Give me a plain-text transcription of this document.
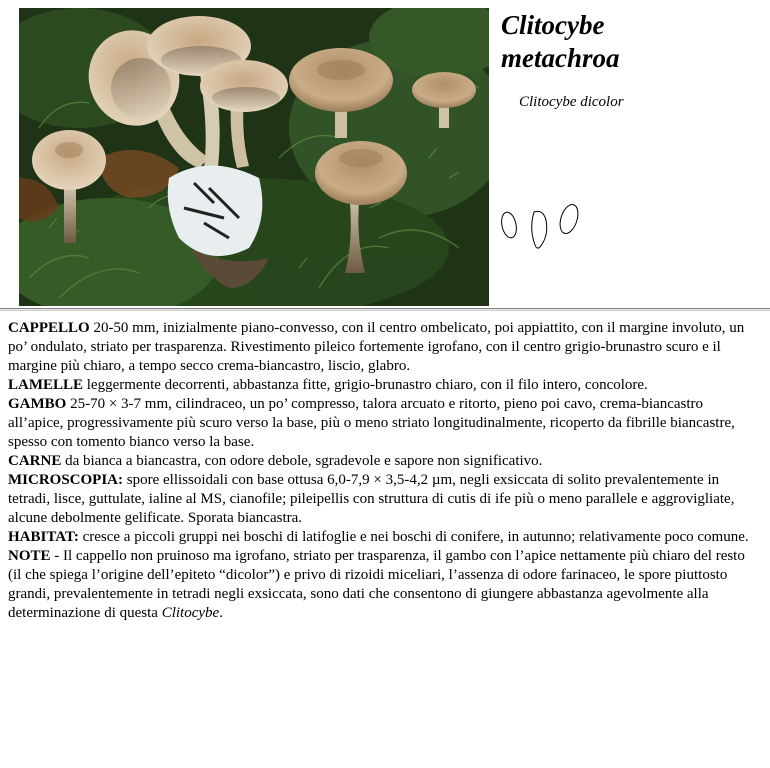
Clitocybe
metachroa
Clitocybe dicolor

CAPPELLO 20-50 mm, inizialmente piano-convesso, con il centro ombelicato, poi appiattito, con il margine involuto, un po’ ondulato, striato per trasparenza. Rivestimento pileico fortemente igrofano, con il centro grigio-brunastro scuro e il margine più chiaro, a tempo secco crema-biancastro, liscio, glabro.

LAMELLE leggermente decorrenti, abbastanza fitte, grigio-brunastro chiaro, con il filo intero, concolore.

GAMBO 25-70 × 3-7 mm, cilindraceo, un po’ compresso, talora arcuato e ritorto, pieno poi cavo, crema-biancastro all’apice, progressivamente più scuro verso la base, più o meno striato longitudinalmente, ricoperto da fibrille biancastre, spesso con tomento bianco verso la base.

CARNE da bianca a biancastra, con odore debole, sgradevole e sapore non significativo.

MICROSCOPIA: spore ellissoidali con base ottusa 6,0-7,9 × 3,5-4,2 µm, negli exsiccata di solito prevalentemente in tetradi, lisce, guttulate, ialine al MS, cianofile; pileipellis con struttura di cutis di ife più o meno parallele e aggrovigliate, alcune debolmente gelificate. Sporata biancastra.

HABITAT: cresce a piccoli gruppi nei boschi di latifoglie e nei boschi di conifere, in autunno; relativamente poco comune.

NOTE - Il cappello non pruinoso ma igrofano, striato per trasparenza, il gambo con l’apice nettamente più chiaro del resto (il che spiega l’origine dell’epiteto “dicolor”) e privo di rizoidi miceliari, l’assenza di odore farinaceo, le spore piuttosto grandi, prevalentemente in tetradi negli exsiccata, sono dati che consentono di giungere abbastanza agevolmente alla determinazione di questa Clitocybe.
